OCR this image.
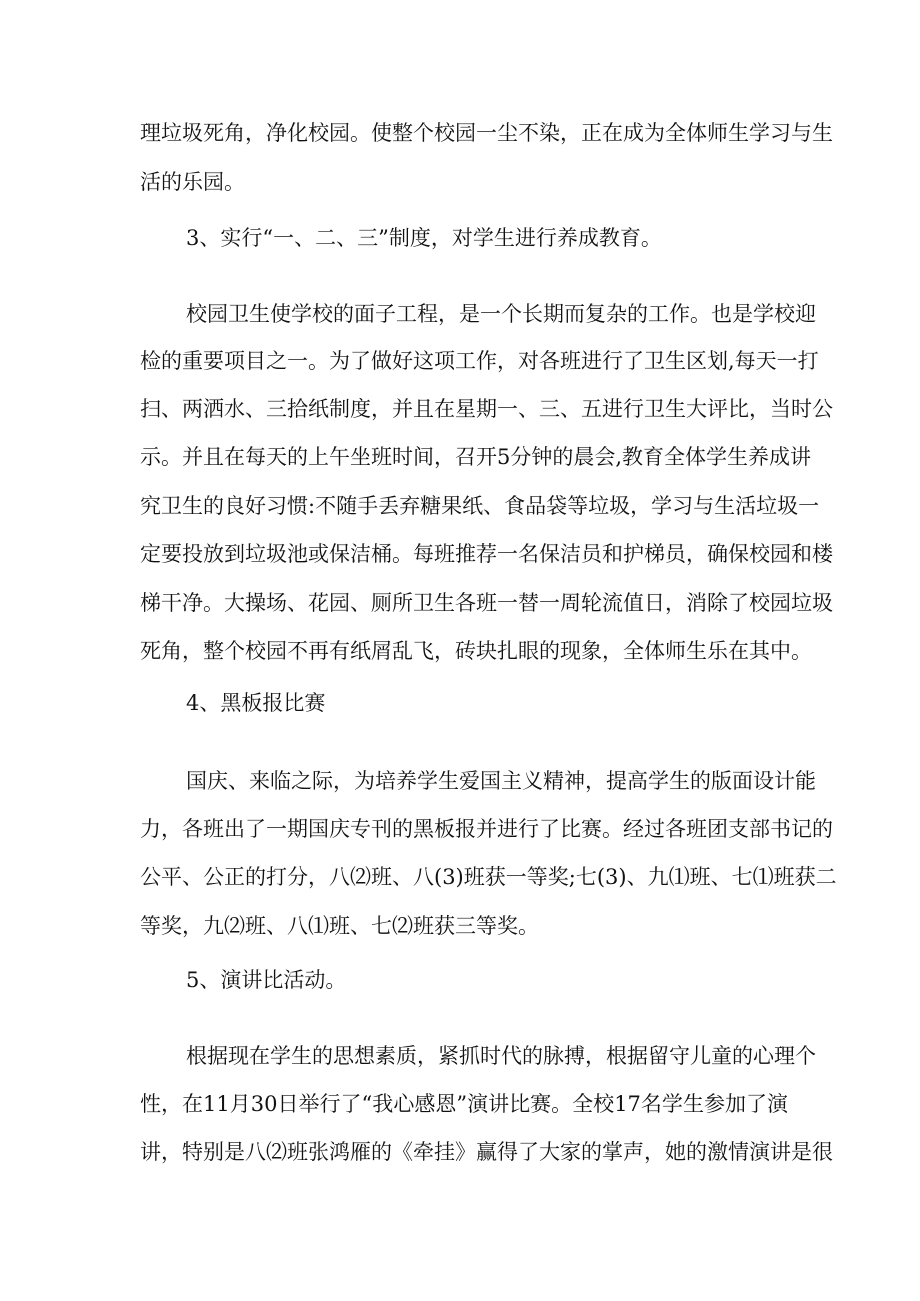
理垃圾死角，净化校园。使整个校园一尘不染，正在成为全体师生学习与生
活的乐园。
3、实行“一、二、三”制度，对学生进行养成教育。
校园卫生使学校的面子工程，是一个长期而复杂的工作。也是学校迎
检的重要项目之一。为了做好这项工作，对各班进行了卫生区划,每天一打
扫、两洒水、三拾纸制度，并且在星期一、三、五进行卫生大评比，当时公
示。并且在每天的上午坐班时间，召开5分钟的晨会,教育全体学生养成讲
究卫生的良好习惯:不随手丢弃糖果纸、食品袋等垃圾，学习与生活垃圾一
定要投放到垃圾池或保洁桶。每班推荐一名保洁员和护梯员，确保校园和楼
梯干净。大操场、花园、厕所卫生各班一替一周轮流值日，消除了校园垃圾
死角，整个校园不再有纸屑乱飞，砖块扎眼的现象，全体师生乐在其中。
4、黑板报比赛
国庆、来临之际，为培养学生爱国主义精神，提高学生的版面设计能
力，各班出了一期国庆专刊的黑板报并进行了比赛。经过各班团支部书记的
公平、公正的打分，八⑵班、八(3)班获一等奖;七(3)、九⑴班、七⑴班获二
等奖，九⑵班、八⑴班、七⑵班获三等奖。
5、演讲比活动。
根据现在学生的思想素质，紧抓时代的脉搏，根据留守儿童的心理个
性，在11月30日举行了“我心感恩”演讲比赛。全校17名学生参加了演
讲，特别是八⑵班张鸿雁的《牵挂》赢得了大家的掌声，她的激情演讲是很
